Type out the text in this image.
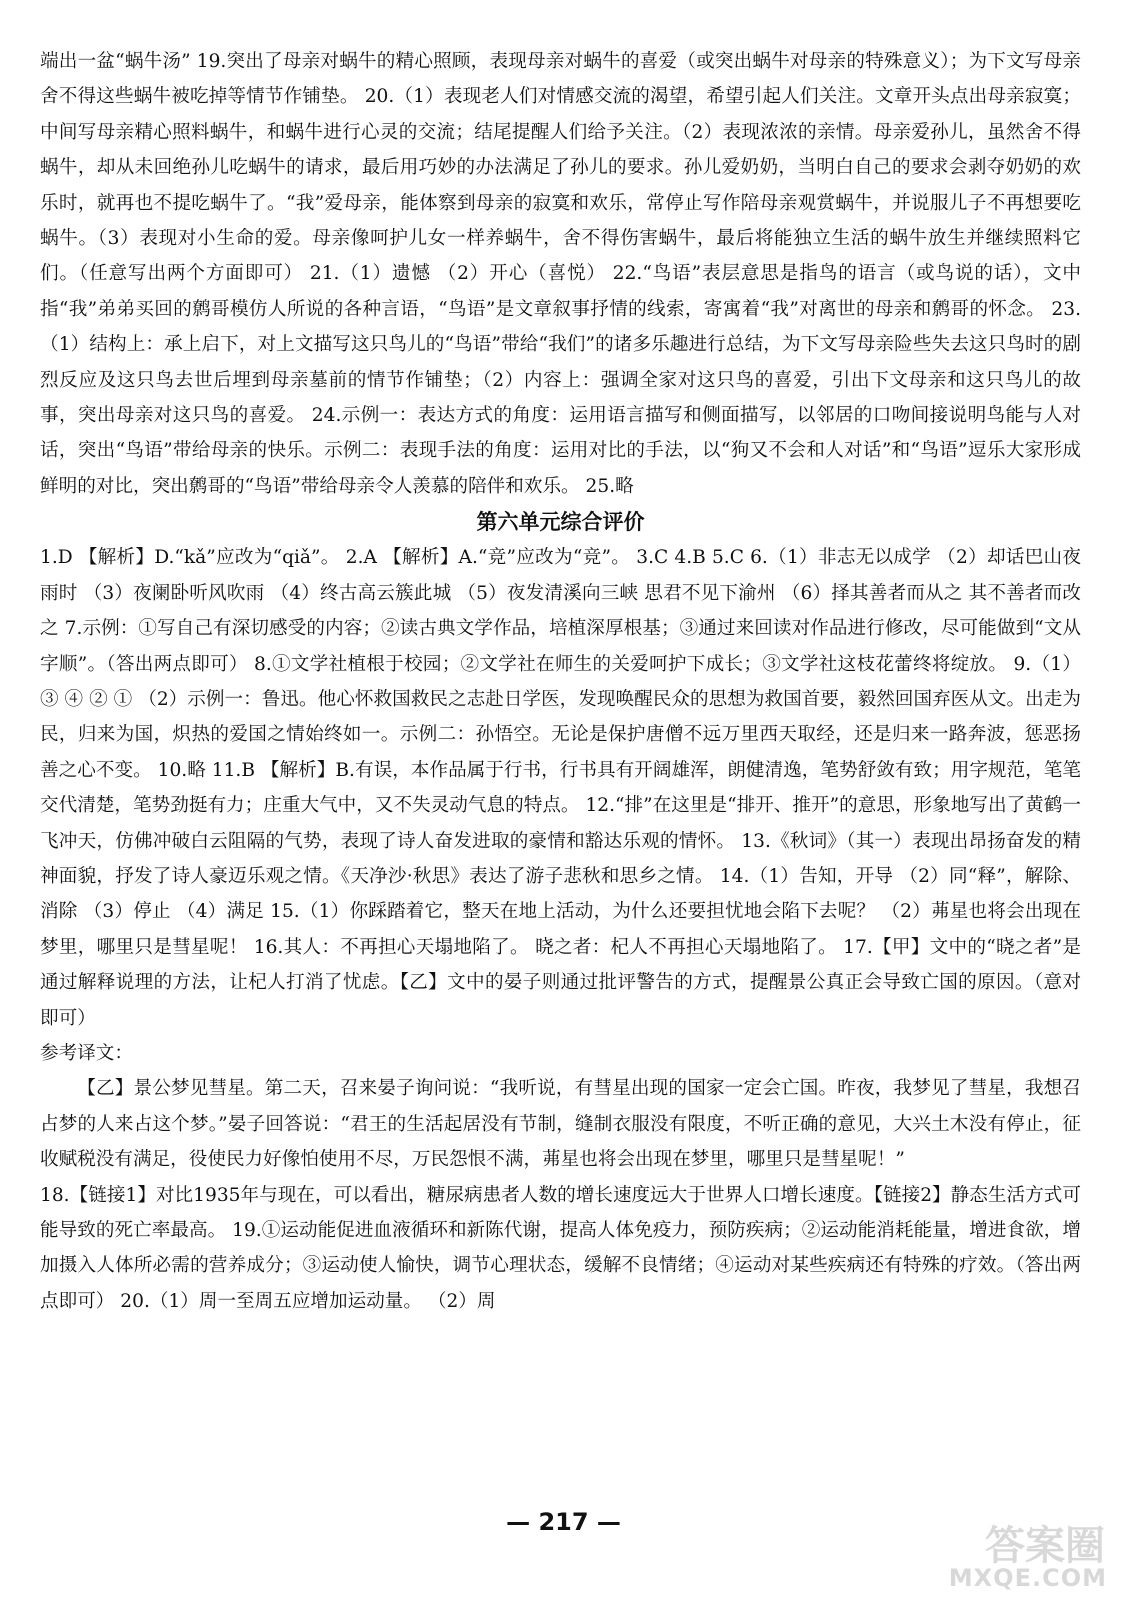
端出一盆“蜗牛汤” 19.突出了母亲对蜗牛的精心照顾，表现母亲对蜗牛的喜爱（或突出蜗牛对母亲的特殊意义）；为下文写母亲舍不得这些蜗牛被吃掉等情节作铺垫。 20.（1）表现老人们对情感交流的渴望，希望引起人们关注。文章开头点出母亲寂寞；中间写母亲精心照料蜗牛，和蜗牛进行心灵的交流；结尾提醒人们给予关注。（2）表现浓浓的亲情。母亲爱孙儿，虽然舍不得蜗牛，却从未回绝孙儿吃蜗牛的请求，最后用巧妙的办法满足了孙儿的要求。孙儿爱奶奶，当明白自己的要求会剥夺奶奶的欢乐时，就再也不提吃蜗牛了。“我”爱母亲，能体察到母亲的寂寞和欢乐，常停止写作陪母亲观赏蜗牛，并说服儿子不再想要吃蜗牛。（3）表现对小生命的爱。母亲像呵护儿女一样养蜗牛，舍不得伤害蜗牛，最后将能独立生活的蜗牛放生并继续照料它们。（任意写出两个方面即可） 21.（1）遗憾 （2）开心（喜悦） 22.“鸟语”表层意思是指鸟的语言（或鸟说的话），文中指“我”弟弟买回的鹩哥模仿人所说的各种言语，“鸟语”是文章叙事抒情的线索，寄寓着“我”对离世的母亲和鹩哥的怀念。 23.（1）结构上：承上启下，对上文描写这只鸟儿的“鸟语”带给“我们”的诸多乐趣进行总结，为下文写母亲险些失去这只鸟时的剧烈反应及这只鸟去世后埋到母亲墓前的情节作铺垫；（2）内容上：强调全家对这只鸟的喜爱，引出下文母亲和这只鸟儿的故事，突出母亲对这只鸟的喜爱。 24.示例一：表达方式的角度：运用语言描写和侧面描写，以邻居的口吻间接说明鸟能与人对话，突出“鸟语”带给母亲的快乐。示例二：表现手法的角度：运用对比的手法，以“狗又不会和人对话”和“鸟语”逗乐大家形成鲜明的对比，突出鹩哥的“鸟语”带给母亲令人羡慕的陪伴和欢乐。 25.略

第六单元综合评价

1.D 【解析】D.“kǎ”应改为“qiǎ”。 2.A 【解析】A.“竞”应改为“竞”。 3.C 4.B 5.C 6.（1）非志无以成学 （2）却话巴山夜雨时 （3）夜阑卧听风吹雨 （4）终古高云簇此城 （5）夜发清溪向三峡 思君不见下渝州 （6）择其善者而从之 其不善者而改之 7.示例：①写自己有深切感受的内容；②读古典文学作品，培植深厚根基；③通过来回读对作品进行修改，尽可能做到“文从字顺”。（答出两点即可） 8.①文学社植根于校园；②文学社在师生的关爱呵护下成长；③文学社这枝花蕾终将绽放。 9.（1）③ ④ ② ① （2）示例一：鲁迅。他心怀救国救民之志赴日学医，发现唤醒民众的思想为救国首要，毅然回国弃医从文。出走为民，归来为国，炽热的爱国之情始终如一。示例二：孙悟空。无论是保护唐僧不远万里西天取经，还是归来一路奔波，惩恶扬善之心不变。 10.略 11.B 【解析】B.有误，本作品属于行书，行书具有开阔雄浑，朗健清逸，笔势舒敛有致；用字规范，笔笔交代清楚，笔势劲挺有力；庄重大气中，又不失灵动气息的特点。 12.“排”在这里是“排开、推开”的意思，形象地写出了黄鹤一飞冲天，仿佛冲破白云阻隔的气势，表现了诗人奋发进取的豪情和豁达乐观的情怀。 13.《秋词》（其一）表现出昂扬奋发的精神面貌，抒发了诗人豪迈乐观之情。《天净沙·秋思》表达了游子悲秋和思乡之情。 14.（1）告知，开导 （2）同“释”，解除、消除 （3）停止 （4）满足 15.（1）你踩踏着它，整天在地上活动，为什么还要担忧地会陷下去呢？ （2）茀星也将会出现在梦里，哪里只是彗星呢！ 16.其人：不再担心天塌地陷了。 晓之者：杞人不再担心天塌地陷了。 17.【甲】文中的“晓之者”是通过解释说理的方法，让杞人打消了忧虑。【乙】文中的晏子则通过批评警告的方式，提醒景公真正会导致亡国的原因。（意对即可）

参考译文：

【乙】景公梦见彗星。第二天，召来晏子询问说：“我听说，有彗星出现的国家一定会亡国。昨夜，我梦见了彗星，我想召占梦的人来占这个梦。”晏子回答说：“君王的生活起居没有节制，缝制衣服没有限度，不听正确的意见，大兴土木没有停止，征收赋税没有满足，役使民力好像怕使用不尽，万民怨恨不满，茀星也将会出现在梦里，哪里只是彗星呢！”

18.【链接1】对比1935年与现在，可以看出，糖尿病患者人数的增长速度远大于世界人口增长速度。【链接2】静态生活方式可能导致的死亡率最高。 19.①运动能促进血液循环和新陈代谢，提高人体免疫力，预防疾病；②运动能消耗能量，增进食欲，增加摄入人体所必需的营养成分；③运动使人愉快，调节心理状态，缓解不良情绪；④运动对某些疾病还有特殊的疗效。（答出两点即可） 20.（1）周一至周五应增加运动量。 （2）周

— 217 —
答案圈
MXQE.COM
